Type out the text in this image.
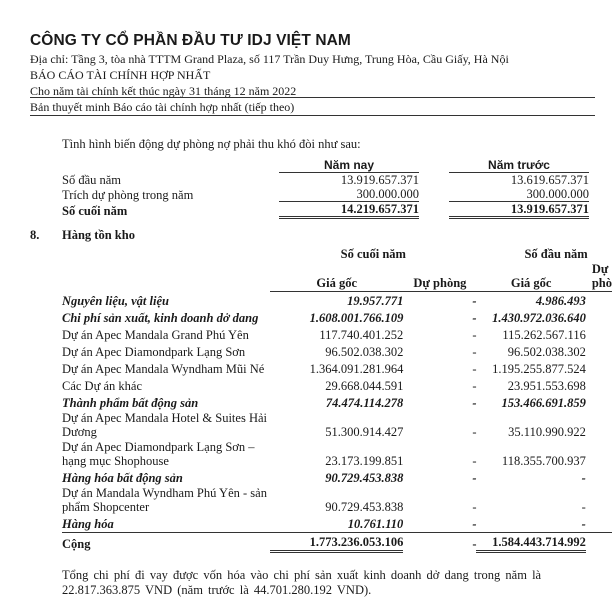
CÔNG TY CỔ PHẦN ĐẦU TƯ IDJ VIỆT NAM
Địa chỉ: Tầng 3, tòa nhà TTTM Grand Plaza, số 117 Trần Duy Hưng, Trung Hòa, Cầu Giấy, Hà Nội
BÁO CÁO TÀI CHÍNH HỢP NHẤT
Cho năm tài chính kết thúc ngày 31 tháng 12 năm 2022
Bản thuyết minh Báo cáo tài chính hợp nhất (tiếp theo)
Tình hình biến động dự phòng nợ phải thu khó đòi như sau:
	Năm nay		Năm trước
Số đầu năm	13.919.657.371		13.619.657.371
Trích dự phòng trong năm	300.000.000		300.000.000
Số cuối năm	14.219.657.371		13.919.657.371
8. Hàng tồn kho
	Số cuối năm		Số đầu năm	
	Giá gốc	Dự phòng	Giá gốc	Dự phò
Nguyên liệu, vật liệu	19.957.771	-	4.986.493	
Chi phí sản xuất, kinh doanh dở dang	1.608.001.766.109	-	1.430.972.036.640	
Dự án Apec Mandala Grand Phú Yên	117.740.401.252	-	115.262.567.116	
Dự án Apec Diamondpark Lạng Sơn	96.502.038.302	-	96.502.038.302	
Dự án Apec Mandala Wyndham Mũi Né	1.364.091.281.964	-	1.195.255.877.524	
Các Dự án khác	29.668.044.591	-	23.951.553.698	
Thành phẩm bất động sản	74.474.114.278	-	153.466.691.859	
Dự án Apec Mandala Hotel & Suites Hải Dương	51.300.914.427	-	35.110.990.922	
Dự án Apec Diamondpark Lạng Sơn – hạng mục Shophouse	23.173.199.851	-	118.355.700.937	
Hàng hóa bất động sản	90.729.453.838	-	-	
Dự án Mandala Wyndham Phú Yên - sản phẩm Shopcenter	90.729.453.838	-	-	
Hàng hóa	10.761.110	-	-	
Cộng	1.773.236.053.106	-	1.584.443.714.992	
Tổng chi phí đi vay được vốn hóa vào chi phí sản xuất kinh doanh dở dang trong năm là 22.817.363.875 VND (năm trước là 44.701.280.192 VND).
